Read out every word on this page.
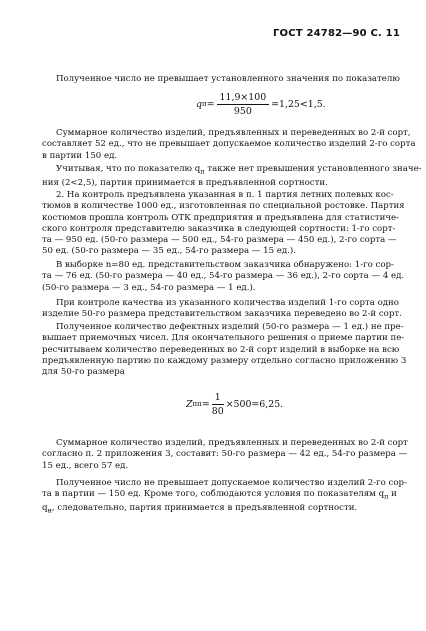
ГОСТ 24782—90 С. 11
Полученное число не превышает установленного значения по показателю
q $п = \frac{11,9\times 100}{950} =1,25<1,5$.
Суммарное количество изделий, предъявленных и переведенных во 2-й сорт,
составляет 52 ед., что не превышает допускаемое количество изделий 2-го сорта
в партии 150 ед.
Учитывая, что по показателю $q_п$ также нет превышения установленного значе-
ния (2<2,5), партия принимается в предъявленной сортности.
2. На контроль предъявлена указанная в п. 1 партия летних полевых кос-
тюмов в количестве 1000 ед., изготовленная по специальной ростовке. Партия
костюмов прошла контроль ОТК предприятия и предъявлена для статистиче-
ского контроля представителю заказчика в следующей сортности: 1-го сорт-
та — 950 ед. (50-го размера — 500 ед., 54-го размера — 450 ед.), 2-го сорта —
50 ед. (50-го размера — 35 ед., 54-го размера — 15 ед.).
В выборке n=80 ед. представительством заказчика обнаружено: 1-го сор-
та — 76 ед. (50-го размера — 40 ед., 54-го размера — 36 ед.), 2-го сорта — 4 ед.
(50-го размера — 3 ед., 54-го размера — 1 ед.).
При контроле качества из указанного количества изделий 1-го сорта одно
изделие 50-го размера представительством заказчика переведено во 2-й сорт.
Полученное количество дефектных изделий (50-го размера — 1 ед.) не пре-
вышает приемочных чисел. Для окончательного решения о приеме партии пе-
ресчитываем количество переведенных во 2-й сорт изделий в выборке на всю
предъявленную партию по каждому размеру отдельно согласно приложению 3
для 50-го размера
Z пп = $\frac{1}{80} \times 500=6,25$.
Суммарное количество изделий, предъявленных и переведенных во 2-й сорт
согласно п. 2 приложения 3, составит: 50-го размера — 42 ед., 54-го размера —
15 ед., всего 57 ед.
Полученное число не превышает допускаемое количество изделий 2-го сор-
та в партии — 150 ед. Кроме того, соблюдаются условия по показателям $q_п$ и
$q_н$, следовательно, партия принимается в предъявленной сортности.
